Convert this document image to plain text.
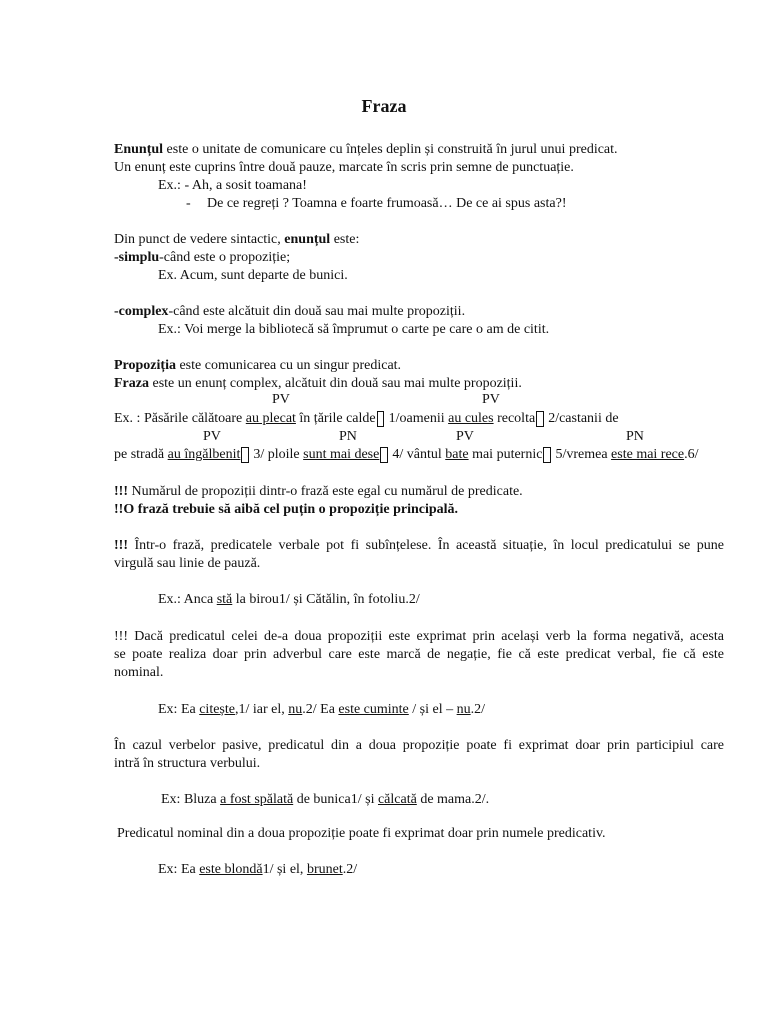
Fraza
Enunțul este o unitate de comunicare cu înțeles deplin și construită în jurul unui predicat.
Un enunț este cuprins între două pauze, marcate în scris prin semne de punctuație.
Ex.: - Ah, a sosit toamana!
- De ce regreți ? Toamna e foarte frumoasă… De ce ai spus asta?!
Din punct de vedere sintactic, enunțul este:
-simplu-când este o propoziție;
Ex. Acum, sunt departe de bunici.
-complex-când este alcătuit din două sau mai multe propoziții.
Ex.: Voi merge la bibliotecă să împrumut o carte pe care o am de citit.
Propoziția este comunicarea cu un singur predicat.
Fraza este un enunț complex, alcătuit din două sau mai multe propoziții.
PV	PV
Ex. : Păsările călătoare au plecat în țările calde  1/oamenii au cules recolta  2/castanii de
PV	PN	PV	PN
pe stradă au îngălbenit  3/ ploile sunt mai dese  4/ vântul bate mai puternic  5/vremea este mai rece.6/
!!! Numărul de propoziții dintr-o frază este egal cu numărul de predicate.
!!O frază trebuie să aibă cel puțin o propoziție principală.
!!! Într-o frază, predicatele verbale pot fi subînțelese. În această situație, în locul predicatului se pune
virgulă sau linie de pauză.
Ex.: Anca stă la birou1/ și Cătălin, în fotoliu.2/
!!! Dacă predicatul celei de-a doua propoziții este exprimat prin același verb la forma negativă, acesta
se poate realiza doar prin adverbul care este marcă de negație, fie că este predicat verbal, fie că este
nominal.
Ex: Ea citește,1/ iar el, nu.2/ Ea este cuminte / și el – nu.2/
În cazul verbelor pasive, predicatul din a doua propoziție poate fi exprimat doar prin participiul care
intră în structura verbului.
Ex: Bluza a fost spălată de bunica1/ și călcată de mama.2/.
Predicatul nominal din a doua propoziție poate fi exprimat doar prin numele predicativ.
Ex: Ea este blondă1/ și el, brunet.2/
